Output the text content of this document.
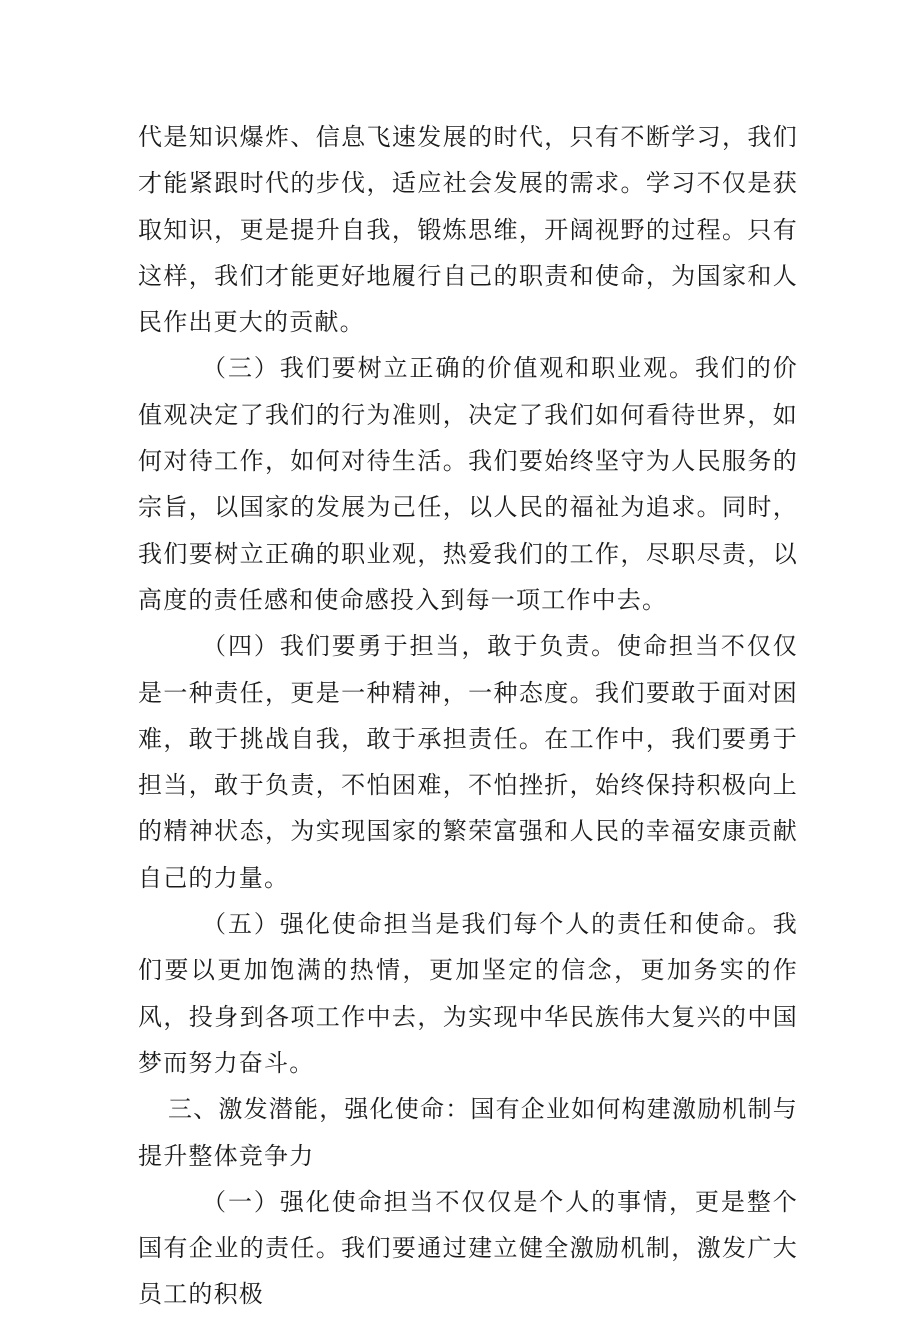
代是知识爆炸、信息飞速发展的时代，只有不断学习，我们才能紧跟时代的步伐，适应社会发展的需求。学习不仅是获取知识，更是提升自我，锻炼思维，开阔视野的过程。只有这样，我们才能更好地履行自己的职责和使命，为国家和人民作出更大的贡献。

（三）我们要树立正确的价值观和职业观。我们的价值观决定了我们的行为准则，决定了我们如何看待世界，如何对待工作，如何对待生活。我们要始终坚守为人民服务的宗旨，以国家的发展为己任，以人民的福祉为追求。同时，我们要树立正确的职业观，热爱我们的工作，尽职尽责，以高度的责任感和使命感投入到每一项工作中去。

（四）我们要勇于担当，敢于负责。使命担当不仅仅是一种责任，更是一种精神，一种态度。我们要敢于面对困难，敢于挑战自我，敢于承担责任。在工作中，我们要勇于担当，敢于负责，不怕困难，不怕挫折，始终保持积极向上的精神状态，为实现国家的繁荣富强和人民的幸福安康贡献自己的力量。

（五）强化使命担当是我们每个人的责任和使命。我们要以更加饱满的热情，更加坚定的信念，更加务实的作风，投身到各项工作中去，为实现中华民族伟大复兴的中国梦而努力奋斗。

三、激发潜能，强化使命：国有企业如何构建激励机制与提升整体竞争力

（一）强化使命担当不仅仅是个人的事情，更是整个国有企业的责任。我们要通过建立健全激励机制，激发广大员工的积极
